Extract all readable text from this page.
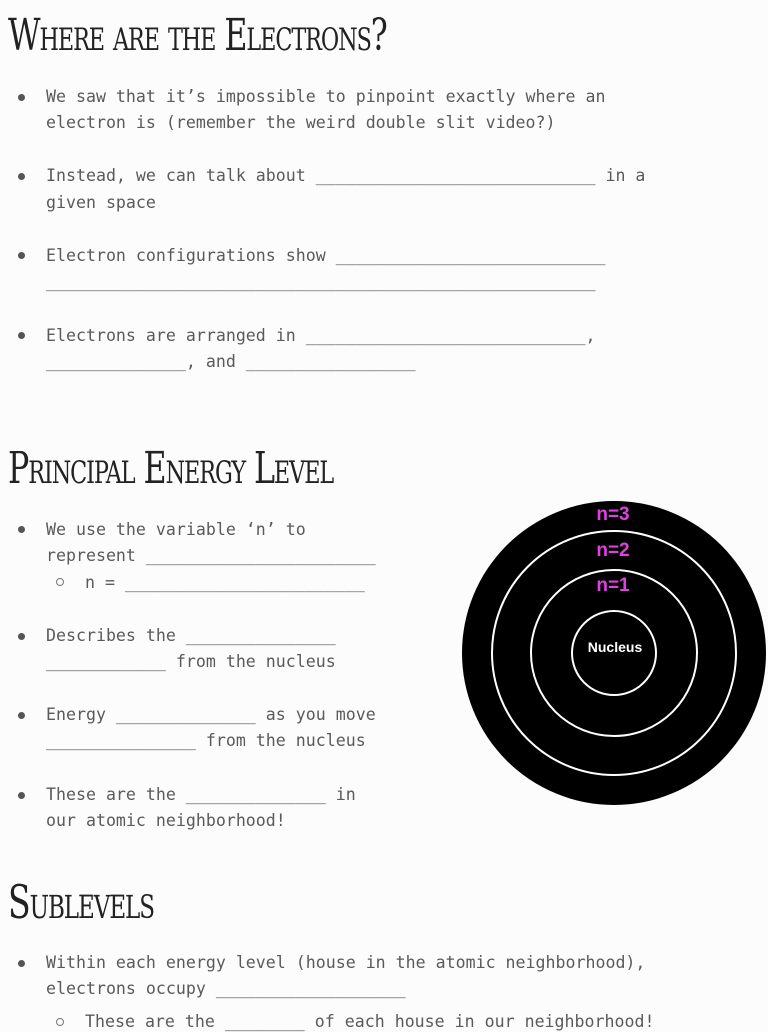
Where are the Electrons?
We saw that it’s impossible to pinpoint exactly where an
electron is (remember the weird double slit video?)
Instead, we can talk about ____________________________ in a
given space
Electron configurations show ___________________________
_______________________________________________________
Electrons are arranged in ____________________________,
______________, and _________________
Principal Energy Level
We use the variable ‘n’ to
represent _______________________
n = ________________________
Describes the _______________
____________ from the nucleus
Energy ______________ as you move
_______________ from the nucleus
These are the ______________ in
our atomic neighborhood!
Nucleus
n=1
n=2
n=3
Sublevels
Within each energy level (house in the atomic neighborhood),
electrons occupy ___________________
These are the ________ of each house in our neighborhood!
